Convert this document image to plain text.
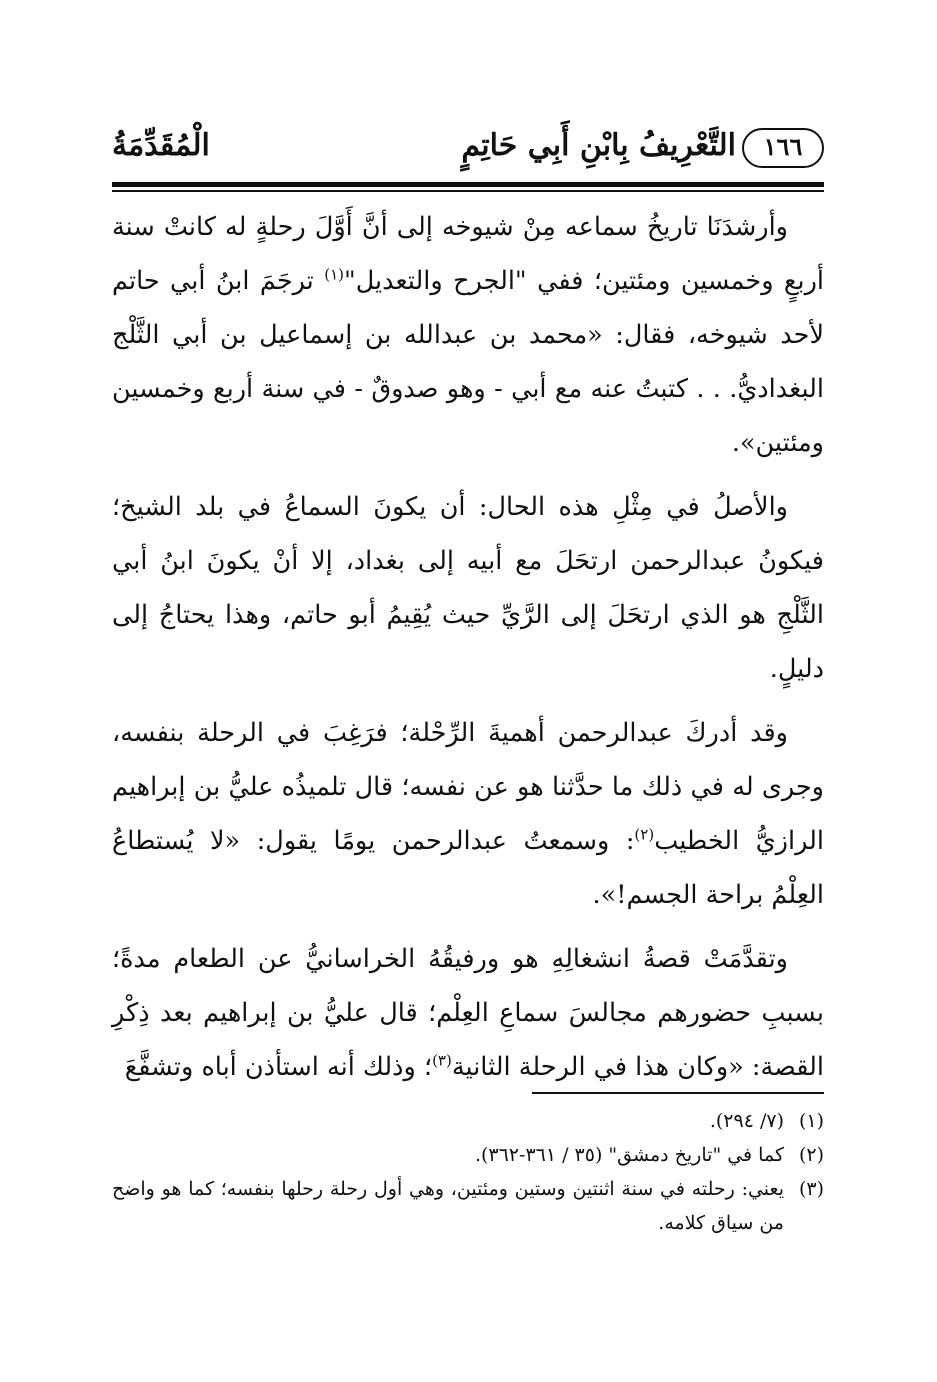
١٦٦
التَّعْرِيفُ بِابْنِ أَبِي حَاتِمٍ
الْمُقَدِّمَةُ

وأرشدَنَا تاريخُ سماعه مِنْ شيوخه إلى أنَّ أَوَّلَ رحلةٍ له كانتْ سنة أربعٍ وخمسين ومئتين؛ ففي "الجرح والتعديل"$^{(١)}$ ترجَمَ ابنُ أبي حاتم لأحد شيوخه، فقال: «محمد بن عبدالله بن إسماعيل بن أبي الثَّلْج البغداديُّ. . . كتبتُ عنه مع أبي - وهو صدوقٌ - في سنة أربع وخمسين ومئتين».

والأصلُ في مِثْلِ هذه الحال: أن يكونَ السماعُ في بلد الشيخ؛ فيكونُ عبدالرحمن ارتحَلَ مع أبيه إلى بغداد، إلا أنْ يكونَ ابنُ أبي الثَّلْجِ هو الذي ارتحَلَ إلى الرَّيِّ حيث يُقِيمُ أبو حاتم، وهذا يحتاجُ إلى دليلٍ.

وقد أدركَ عبدالرحمن أهميةَ الرِّحْلة؛ فرَغِبَ في الرحلة بنفسه، وجرى له في ذلك ما حدَّثنا هو عن نفسه؛ قال تلميذُه عليُّ بن إبراهيم الرازيُّ الخطيب$^{(٢)}$: وسمعتُ عبدالرحمن يومًا يقول: «لا يُستطاعُ العِلْمُ براحة الجسم!».

وتقدَّمَتْ قصةُ انشغالِهِ هو ورفيقُهُ الخراسانيُّ عن الطعام مدةً؛ بسببِ حضورهم مجالسَ سماعِ العِلْم؛ قال عليُّ بن إبراهيم بعد ذِكْرِ القصة: «وكان هذا في الرحلة الثانية$^{(٣)}$؛ وذلك أنه استأذن أباه وتشفَّعَ

(١)
(٧/ ٢٩٤).
(٢)
كما في "تاريخ دمشق" (٣٥ / ٣٦١-٣٦٢).
(٣)
يعني: رحلته في سنة اثنتين وستين ومئتين، وهي أول رحلة رحلها بنفسه؛ كما هو واضح من سياق كلامه.
